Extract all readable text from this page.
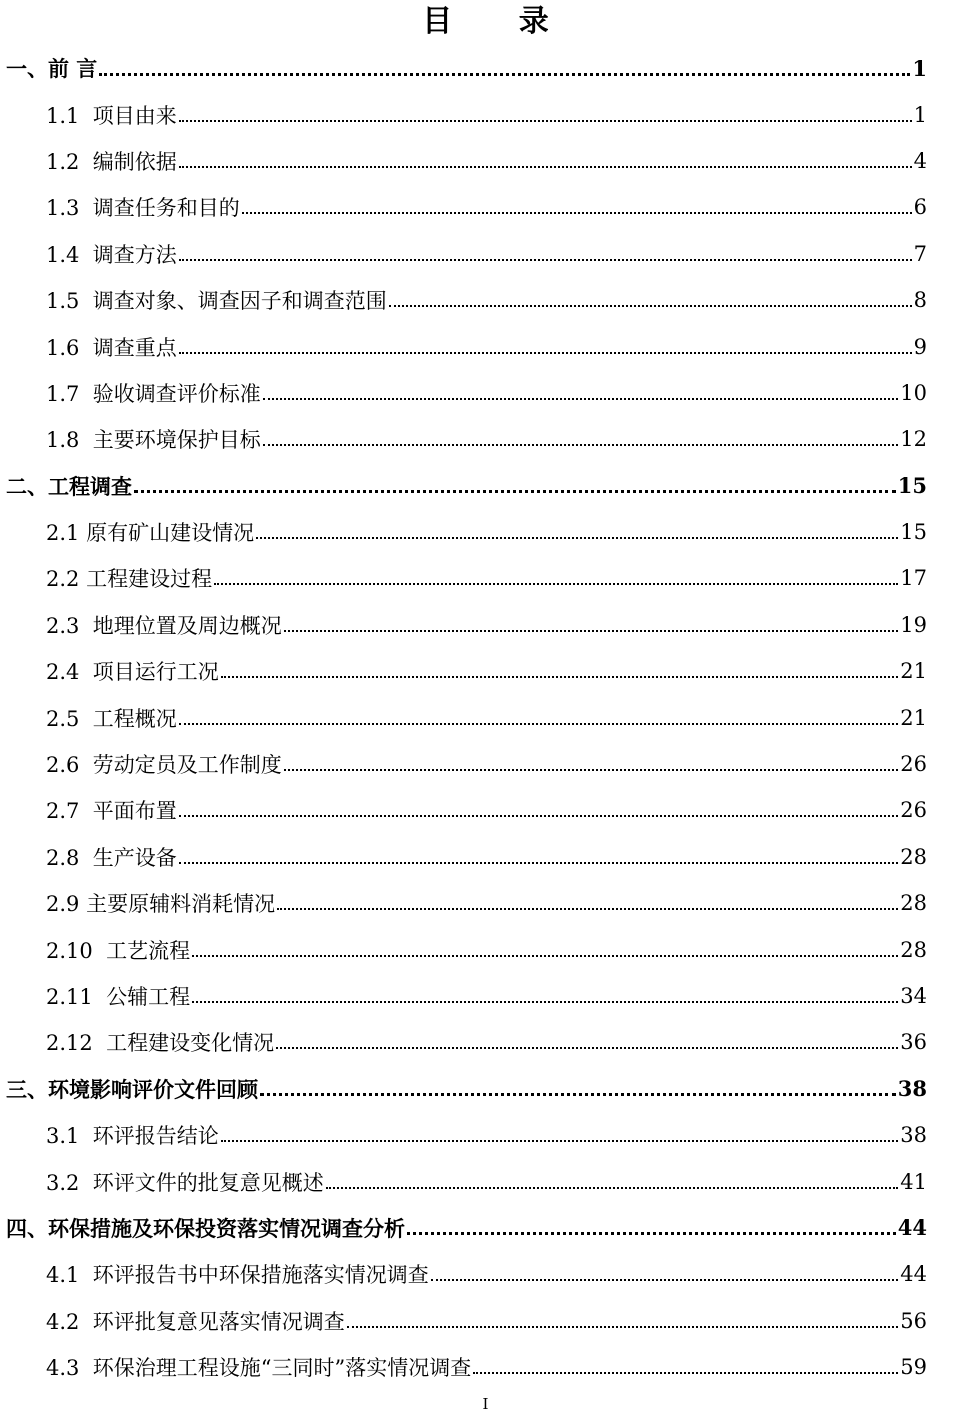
目 录
一、前 言	1
1.1  项目由来	1
1.2  编制依据	4
1.3  调查任务和目的	6
1.4  调查方法	7
1.5  调查对象、调查因子和调查范围	8
1.6  调查重点	9
1.7  验收调查评价标准	10
1.8  主要环境保护目标	12
二、工程调查	15
2.1 原有矿山建设情况	15
2.2 工程建设过程	17
2.3  地理位置及周边概况	19
2.4  项目运行工况	21
2.5  工程概况	21
2.6  劳动定员及工作制度	26
2.7  平面布置	26
2.8  生产设备	28
2.9 主要原辅料消耗情况	28
2.10  工艺流程	28
2.11  公辅工程	34
2.12  工程建设变化情况	36
三、环境影响评价文件回顾	38
3.1  环评报告结论	38
3.2  环评文件的批复意见概述	41
四、环保措施及环保投资落实情况调查分析	44
4.1  环评报告书中环保措施落实情况调查	44
4.2  环评批复意见落实情况调查	56
4.3  环保治理工程设施“三同时”落实情况调查	59
I
